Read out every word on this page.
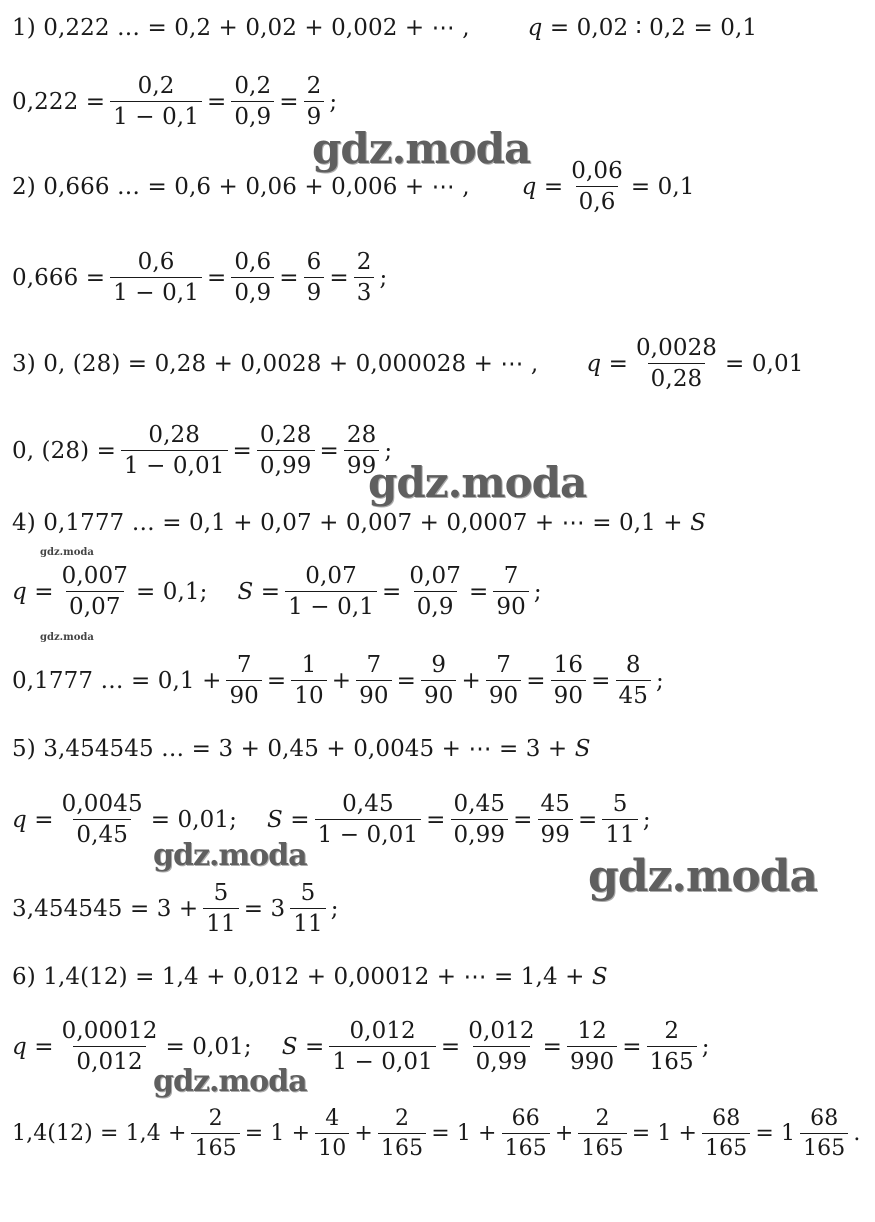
1) 0,222 … = 0,2 + 0,02 + 0,002 + ⋯ ,	q
= 0,02 ∶ 0,2 = 0,1
$0,222 = \frac{0,2}{1 - 0,1} = \frac{0,2}{0,9} = \frac{2}{9}$ ;
2) 0,666 … = 0,6 + 0,06 + 0,006 + ⋯ , q
= $\frac{0,06}{0,6} = 0,1$
$0,666 = \frac{0,6}{1 - 0,1} = \frac{0,6}{0,9} = \frac{6}{9} = \frac{2}{3}$ ;
3) 0, (28) = 0,28 + 0,0028 + 0,000028 + ⋯ , q
= $\frac{0,0028}{0,28} = 0,01$
0, $(28) = \frac{0,28}{1 - 0,01} = \frac{0,28}{0,99} = \frac{28}{99}$ ;
4) 0,1777 … = 0,1 + 0,07 + 0,007 + 0,0007 + ⋯ = 0,1 +
S
q
= $\frac{0,007}{0,07} = 0,1$; S
= $\frac{0,07}{1 - 0,1} = \frac{0,07}{0,9} = \frac{7}{90}$ ;
0,1777 … = $0,1 + \frac{7}{90} = \frac{1}{10} + \frac{7}{90} = \frac{9}{90} + \frac{7}{90} = \frac{16}{90} = \frac{8}{45}$ ;
5) 3,454545 … = 3 + 0,45 + 0,0045 + ⋯ = 3 +
S
q
= $\frac{0,0045}{0,45} = 0,01$; S
= $\frac{0,45}{1 - 0,01} = \frac{0,45}{0,99} = \frac{45}{99} = \frac{5}{11}$ ;
$3,454545 = 3 + \frac{5}{11} = 3 \frac{5}{11}$ ;
6) 1,4(12) = 1,4 + 0,012 + 0,00012 + ⋯ = 1,4 +
S
q
= $\frac{0,00012}{0,012} = 0,01$; S
= $\frac{0,012}{1 - 0,01} = \frac{0,012}{0,99} = \frac{12}{990} = \frac{2}{165}$ ;
$1,4(12) = 1,4 + \frac{2}{165} = 1 + \frac{4}{10} + \frac{2}{165} = 1 + \frac{66}{165} + \frac{2}{165} = 1 + \frac{68}{165} = 1 \frac{68}{165}$ .
gdz.moda
gdz.moda
gdz.moda
gdz.moda
gdz.moda	gdz.moda
gdz.moda
